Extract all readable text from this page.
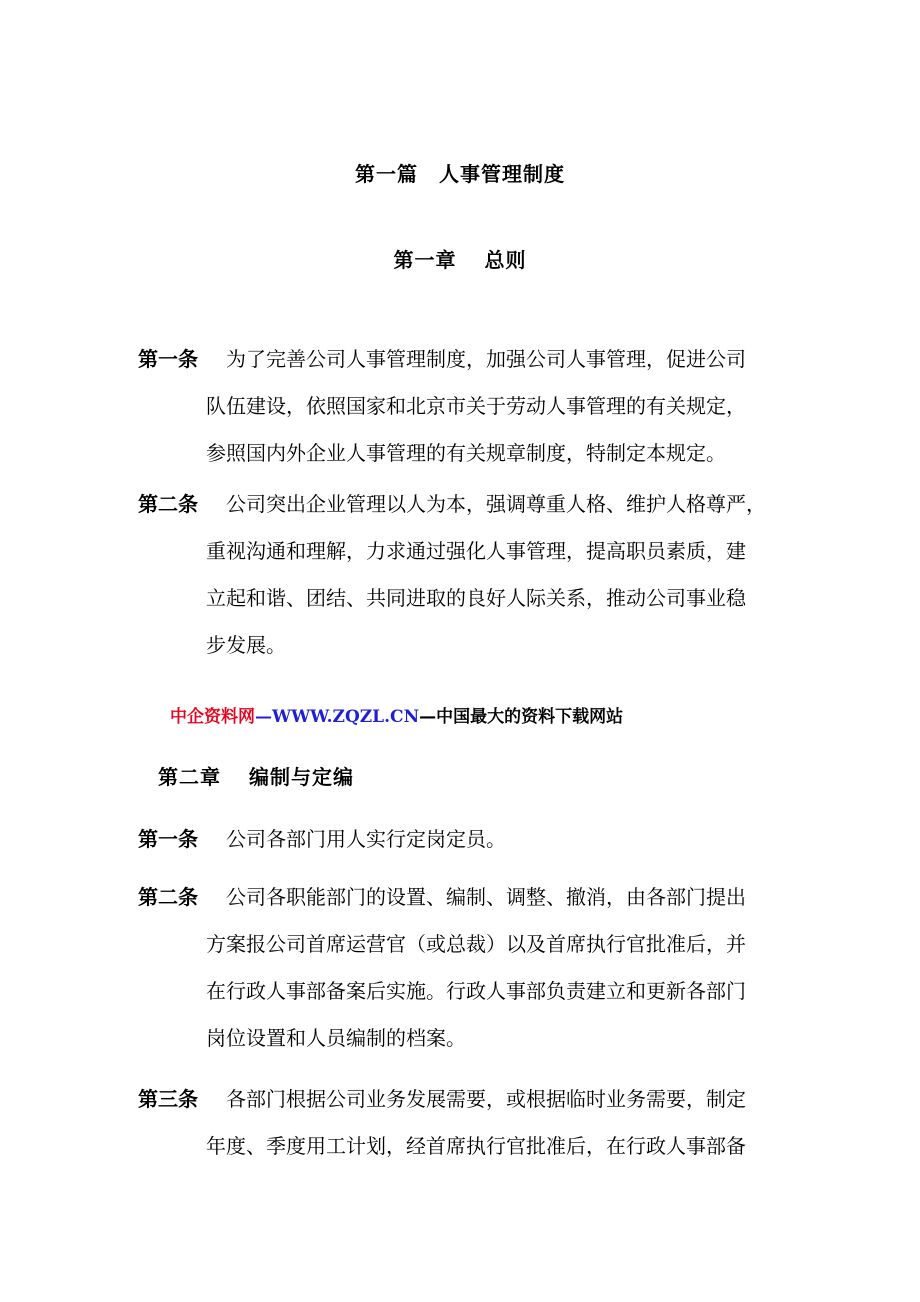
第一篇　人事管理制度
第一章 总则
第一条 为了完善公司人事管理制度，加强公司人事管理，促进公司
队伍建设，依照国家和北京市关于劳动人事管理的有关规定，
参照国内外企业人事管理的有关规章制度，特制定本规定。
第二条 公司突出企业管理以人为本，强调尊重人格、维护人格尊严，
重视沟通和理解，力求通过强化人事管理，提高职员素质，建
立起和谐、团结、共同进取的良好人际关系，推动公司事业稳
步发展。
中企资料网—WWW.ZQZL.CN—中国最大的资料下载网站
第二章 编制与定编
第一条 公司各部门用人实行定岗定员。
第二条 公司各职能部门的设置、编制、调整、撤消，由各部门提出
方案报公司首席运营官（或总裁）以及首席执行官批准后，并
在行政人事部备案后实施。行政人事部负责建立和更新各部门
岗位设置和人员编制的档案。
第三条 各部门根据公司业务发展需要，或根据临时业务需要，制定
年度、季度用工计划，经首席执行官批准后，在行政人事部备
